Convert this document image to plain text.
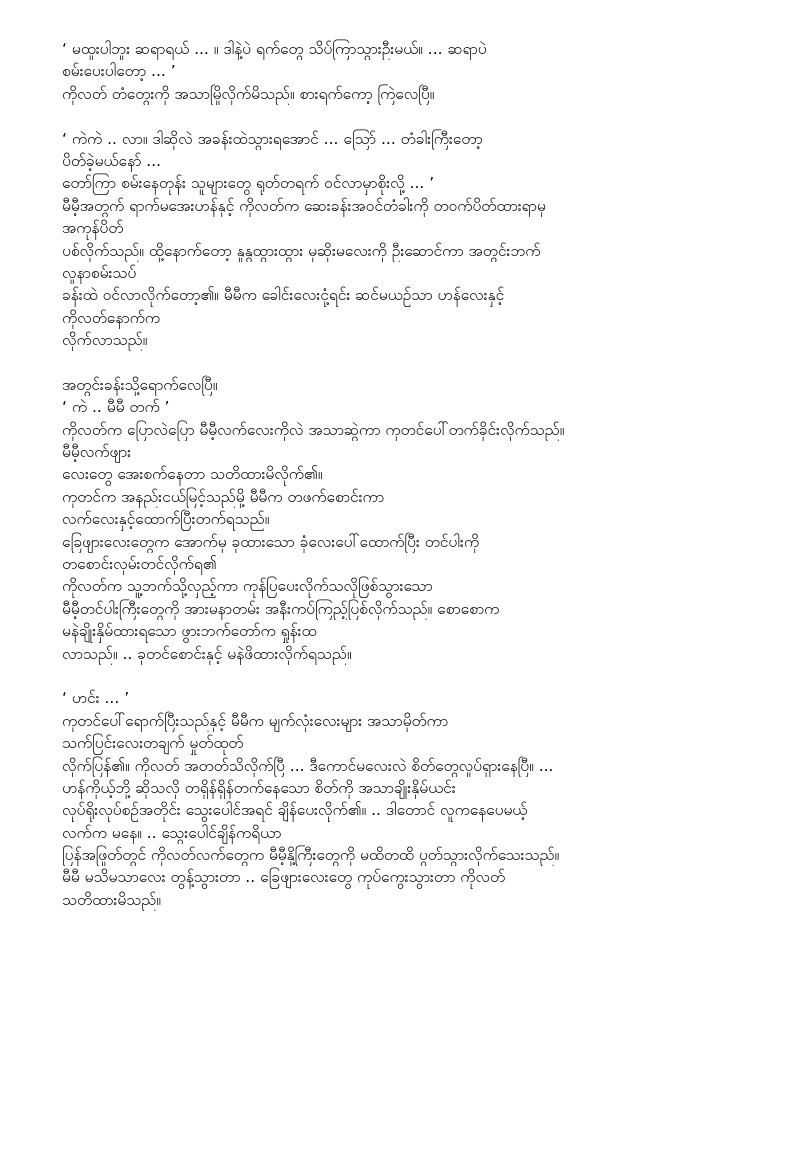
‘ မထူးပါဘူး ဆရာရယ် ... ။ ဒါနဲ့ပဲ ရက်တွေ သိပ်ကြာသွားဦးမယ်။ ... ဆရာပဲ
စမ်းပေးပါတော့ ... ’
ကိုလတ် တံတွေးကို အသာမြိုလိုက်မိသည်။ စားရက်ကော့ ကြဲလေပြီ။
‘ ကဲကဲ .. လာ။ ဒါဆိုလဲ အခန်းထဲသွားရအောင် ... ဩော် ... တံခါးကြီးတော့
ပိတ်ခဲ့မယ်နော် ...
တော်ကြာ စမ်းနေတုန်း သူများတွေ ရုတ်တရက် ဝင်လာမှာစိုးလို့ ... ’
မီမီ့အတွက် ရာက်မအေးဟန်နှင့် ကိုလတ်က ဆေးခန်းအဝင်တံခါးကို တဝက်ပိတ်ထားရာမှ
အကုန်ပိတ်
ပစ်လိုက်သည်။ ထို့နောက်တော့ နှုနွထွားထွား မုဆိုးမလေးကို ဦးဆောင်ကာ အတွင်းဘက်
လူနာစမ်းသပ်
ခန်းထဲ ဝင်လာလိုက်တော့၏။ မီမီက ခေါင်းလေးငုံ့ရင်း ဆင်မယဉ်သာ ဟန်လေးနှင့်
ကိုလတ်နောက်က
လိုက်လာသည်။
အတွင်းခန်းသို့ရောက်လေပြီ။
‘ ကဲ .. မီမီ တက် ’
ကိုလတ်က ပြောလဲပြော မီမီ့လက်လေးကိုလဲ အသာဆွဲကာ ကုတင်ပေါ်တက်ခိုင်းလိုက်သည်။
မီမီ့လက်ဖျား
လေးတွေ အေးစက်နေတာ သတိထားမိလိုက်၏။
ကုတင်က အနည်းငယ်မြင့်သည်မို့ မီမီက တဖက်စောင်းကာ
လက်လေးနှင့်ထောက်ပြီးတက်ရသည်။
ခြေဖျားလေးတွေက အောက်မှ ခုထားသော ခုံလေးပေါ်ထောက်ပြီး တင်ပါးကို
တစောင်းလှမ်းတင်လိုက်ရ၏
ကိုလတ်က သူ့ဘက်သို့လှည့်ကာ ကုန်ပြပေးလိုက်သလိုဖြစ်သွားသော
မီမီ့တင်ပါးကြီးတွေကို အားမနာတမ်း အနီးကပ်ကြည့်ပြစ်လိုက်သည်။ စောစောက
မနဲချိုးနှိမ်ထားရသော ဖွားဘက်တော်က ရှုန်းထ
လာသည်။ .. ခုတင်စောင်းနှင့် မနဲဖိထားလိုက်ရသည်။
‘ ဟင်း ... ’
ကုတင်ပေါ်ရောက်ပြီးသည်နှင့် မီမီက မျက်လုံးလေးများ အသာမှိတ်ကာ
သက်ပြင်းလေးတချက် မှုတ်ထုတ်
လိုက်ပြန်၏။ ကိုလတ် အတတ်သိလိုက်ပြီ ... ဒီကောင်မလေးလဲ စိတ်တွေလှုပ်ရှားနေပြီ။ ...
ဟန်ကိုယ့်ဘို့ ဆိုသလို တရှိန်ရှိန်တက်နေသော စိတ်ကို အသာချိုးနှိမ်ယင်း
လုပ်ရိုးလုပ်စဉ်အတိုင်း သွေးပေါင်အရင် ချိန်ပေးလိုက်၏။ .. ဒါတောင် လူကနေပေမယ့်
လက်က မနေ။ .. သွေးပေါင်ချိန်ကရိယာ
ပြန်အဖြုတ်တွင် ကိုလတ်လက်တွေက မီမီ့နို့ကြီးတွေကို မထိတထိ ပွတ်သွားလိုက်သေးသည်။
မီမီ မသိမသာလေး တွန့်သွားတာ .. ခြေဖျားလေးတွေ ကုပ်ကွေးသွားတာ ကိုလတ်
သတိထားမိသည်။
